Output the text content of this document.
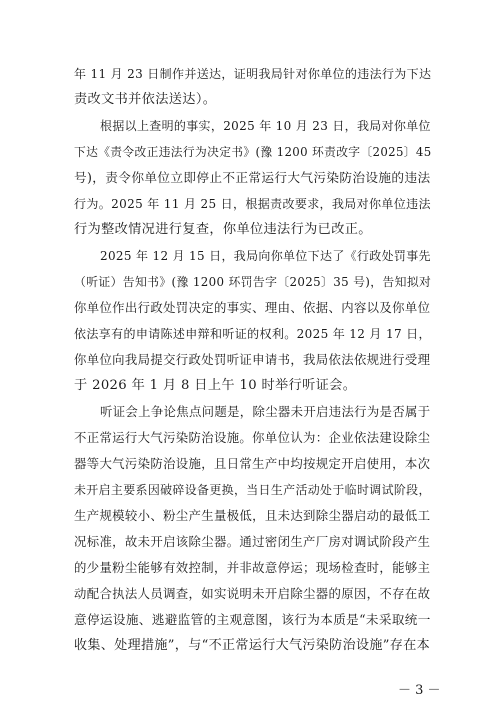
年 11 月 23 日制作并送达，证明我局针对你单位的违法行为下达
责改文书并依法送达）。
根据以上查明的事实，2025 年 10 月 23 日，我局对你单位
下达《责令改正违法行为决定书》(豫 1200 环责改字〔2025〕45
号)，责令你单位立即停止不正常运行大气污染防治设施的违法
行为。2025 年 11 月 25 日，根据责改要求，我局对你单位违法
行为整改情况进行复查，你单位违法行为已改正。
2025 年 12 月 15 日，我局向你单位下达了《行政处罚事先
（听证）告知书》(豫 1200 环罚告字〔2025〕35 号)，告知拟对
你单位作出行政处罚决定的事实、理由、依据、内容以及你单位
依法享有的申请陈述申辩和听证的权利。2025 年 12 月 17 日，
你单位向我局提交行政处罚听证申请书，我局依法依规进行受理
于 2026 年 1 月 8 日上午 10 时举行听证会。
听证会上争论焦点问题是，除尘器未开启违法行为是否属于
不正常运行大气污染防治设施。你单位认为：企业依法建设除尘
器等大气污染防治设施，且日常生产中均按规定开启使用，本次
未开启主要系因破碎设备更换，当日生产活动处于临时调试阶段，
生产规模较小、粉尘产生量极低，且未达到除尘器启动的最低工
况标准，故未开启该除尘器。通过密闭生产厂房对调试阶段产生
的少量粉尘能够有效控制，并非故意停运；现场检查时，能够主
动配合执法人员调查，如实说明未开启除尘器的原因，不存在故
意停运设施、逃避监管的主观意图，该行为本质是“未采取统一
收集、处理措施”，与“不正常运行大气污染防治设施”存在本
－ 3 －
